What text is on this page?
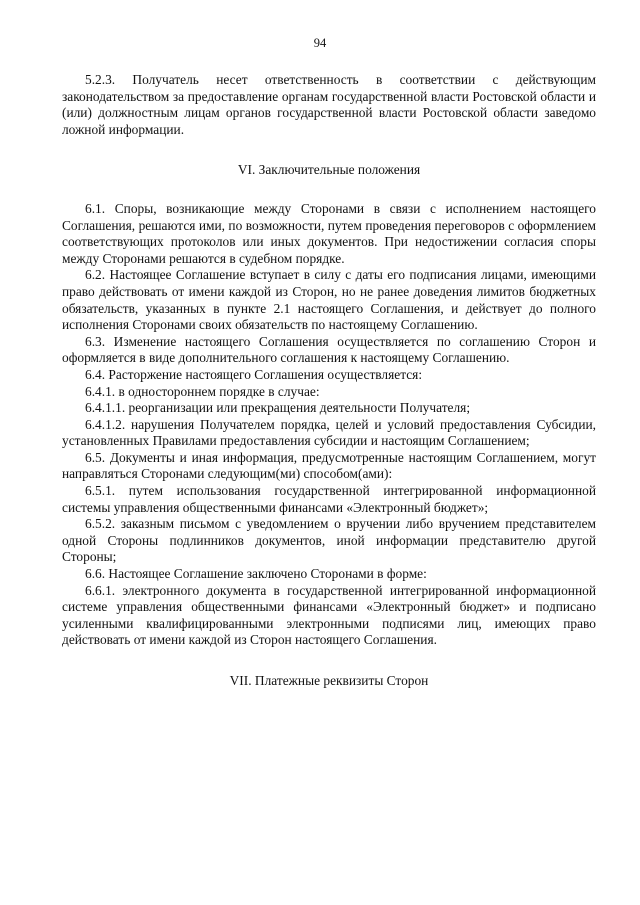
94

5.2.3. Получатель несет ответственность в соответствии с действующим законодательством за предоставление органам государственной власти Ростовской области и (или) должностным лицам органов государственной власти Ростовской области заведомо ложной информации.

VI. Заключительные положения

6.1. Споры, возникающие между Сторонами в связи с исполнением настоящего Соглашения, решаются ими, по возможности, путем проведения переговоров с оформлением соответствующих протоколов или иных документов. При недостижении согласия споры между Сторонами решаются в судебном порядке.

6.2. Настоящее Соглашение вступает в силу с даты его подписания лицами, имеющими право действовать от имени каждой из Сторон, но не ранее доведения лимитов бюджетных обязательств, указанных в пункте 2.1 настоящего Соглашения, и действует до полного исполнения Сторонами своих обязательств по настоящему Соглашению.

6.3. Изменение настоящего Соглашения осуществляется по соглашению Сторон и оформляется в виде дополнительного соглашения к настоящему Соглашению.

6.4. Расторжение настоящего Соглашения осуществляется:

6.4.1. в одностороннем порядке в случае:

6.4.1.1. реорганизации или прекращения деятельности Получателя;

6.4.1.2. нарушения Получателем порядка, целей и условий предоставления Субсидии, установленных Правилами предоставления субсидии и настоящим Соглашением;

6.5. Документы и иная информация, предусмотренные настоящим Соглашением, могут направляться Сторонами следующим(ми) способом(ами):

6.5.1. путем использования государственной интегрированной информационной системы управления общественными финансами «Электронный бюджет»;

6.5.2. заказным письмом с уведомлением о вручении либо вручением представителем одной Стороны подлинников документов, иной информации представителю другой Стороны;

6.6. Настоящее Соглашение заключено Сторонами в форме:

6.6.1. электронного документа в государственной интегрированной информационной системе управления общественными финансами «Электронный бюджет» и подписано усиленными квалифицированными электронными подписями лиц, имеющих право действовать от имени каждой из Сторон настоящего Соглашения.

VII. Платежные реквизиты Сторон
